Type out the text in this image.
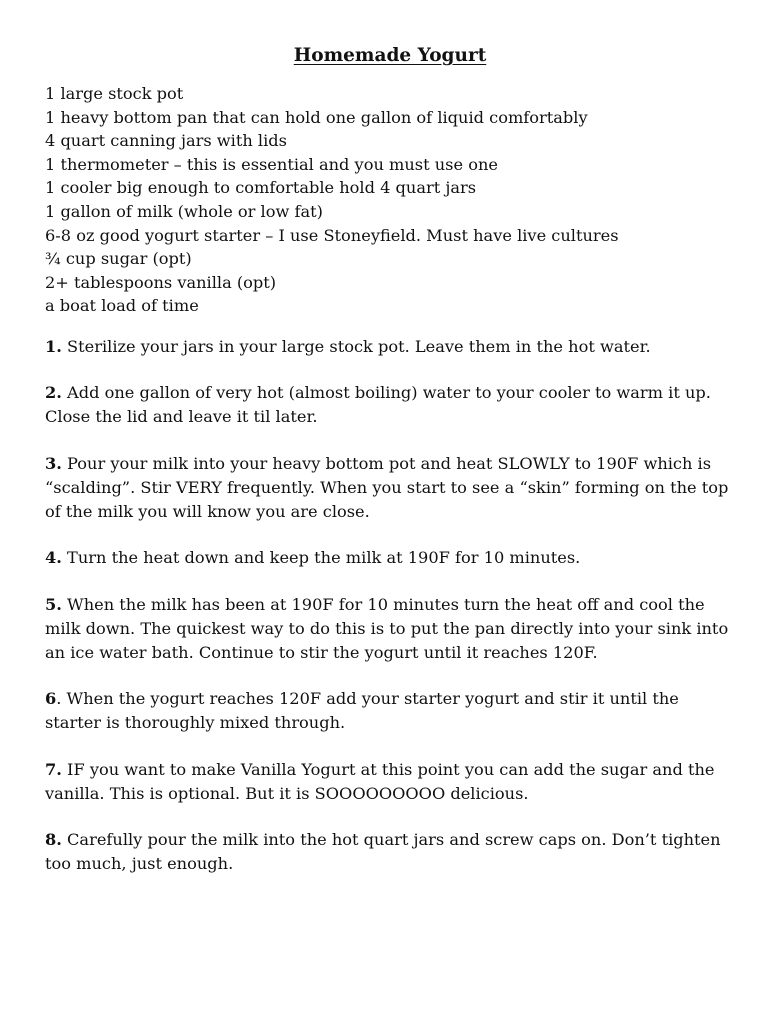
Homemade Yogurt
1 large stock pot
1 heavy bottom pan that can hold one gallon of liquid comfortably
4 quart canning jars with lids
1 thermometer – this is essential and you must use one
1 cooler big enough to comfortable hold 4 quart jars
1 gallon of milk (whole or low fat)
6-8 oz good yogurt starter – I use Stoneyfield. Must have live cultures
¾ cup sugar (opt)
2+ tablespoons vanilla (opt)
a boat load of time

1. Sterilize your jars in your large stock pot. Leave them in the hot water.

2. Add one gallon of very hot (almost boiling) water to your cooler to warm it up. Close the lid and leave it til later.

3. Pour your milk into your heavy bottom pot and heat SLOWLY to 190F which is “scalding”. Stir VERY frequently. When you start to see a “skin” forming on the top of the milk you will know you are close.

4. Turn the heat down and keep the milk at 190F for 10 minutes.

5. When the milk has been at 190F for 10 minutes turn the heat off and cool the milk down. The quickest way to do this is to put the pan directly into your sink into an ice water bath. Continue to stir the yogurt until it reaches 120F.

6. When the yogurt reaches 120F add your starter yogurt and stir it until the starter is thoroughly mixed through.

7. IF you want to make Vanilla Yogurt at this point you can add the sugar and the vanilla. This is optional. But it is SOOOOOOOOO delicious.

8. Carefully pour the milk into the hot quart jars and screw caps on. Don’t tighten too much, just enough.
